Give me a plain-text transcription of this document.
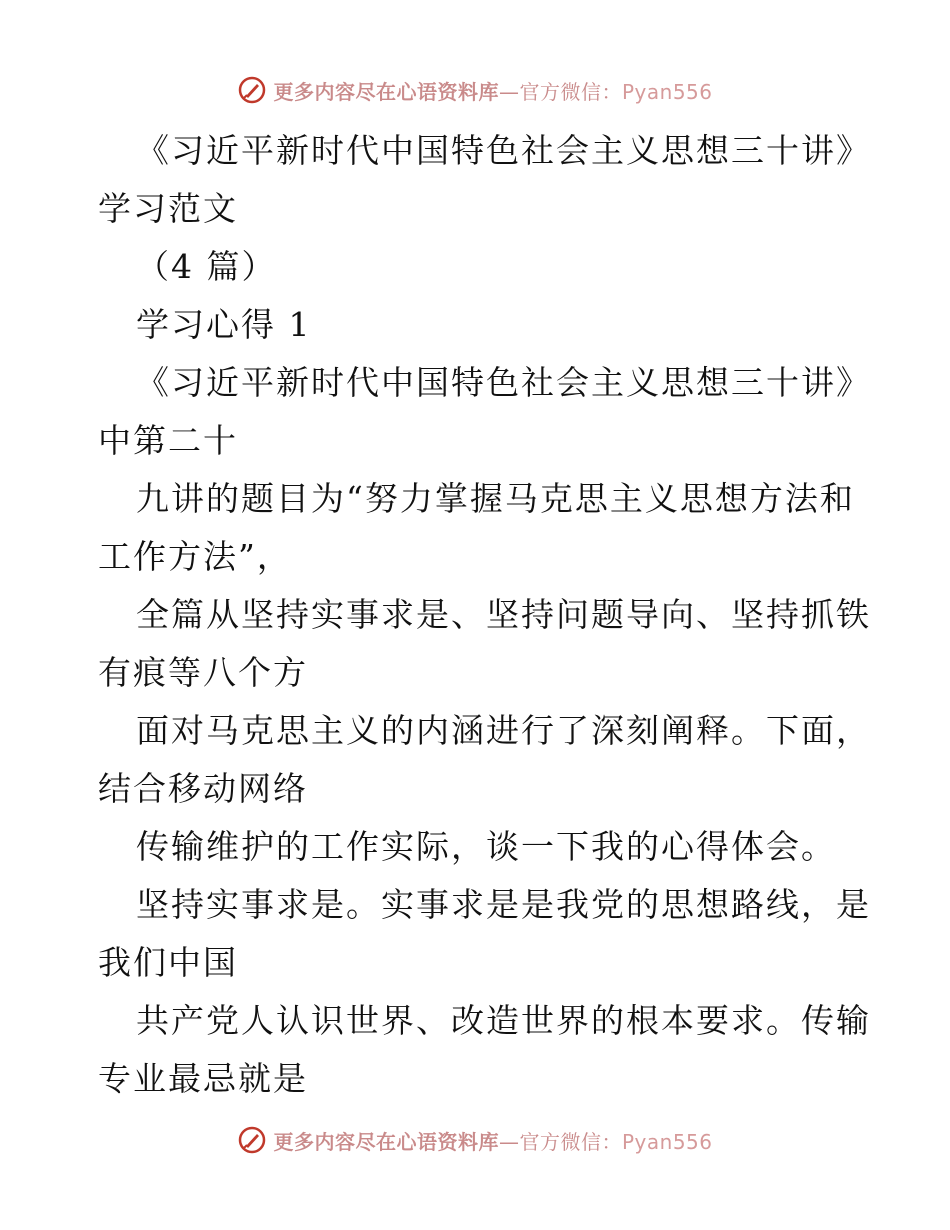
更多内容尽在心语资料库—官方微信：Pyan556
《习近平新时代中国特色社会主义思想三十讲》
学习范文
（4 篇）
学习心得 1
《习近平新时代中国特色社会主义思想三十讲》
中第二十
九讲的题目为“努力掌握马克思主义思想方法和
工作方法”，
全篇从坚持实事求是、坚持问题导向、坚持抓铁
有痕等八个方
面对马克思主义的内涵进行了深刻阐释。下面，
结合移动网络
传输维护的工作实际，谈一下我的心得体会。
坚持实事求是。实事求是是我党的思想路线，是
我们中国
共产党人认识世界、改造世界的根本要求。传输
专业最忌就是
更多内容尽在心语资料库—官方微信：Pyan556
